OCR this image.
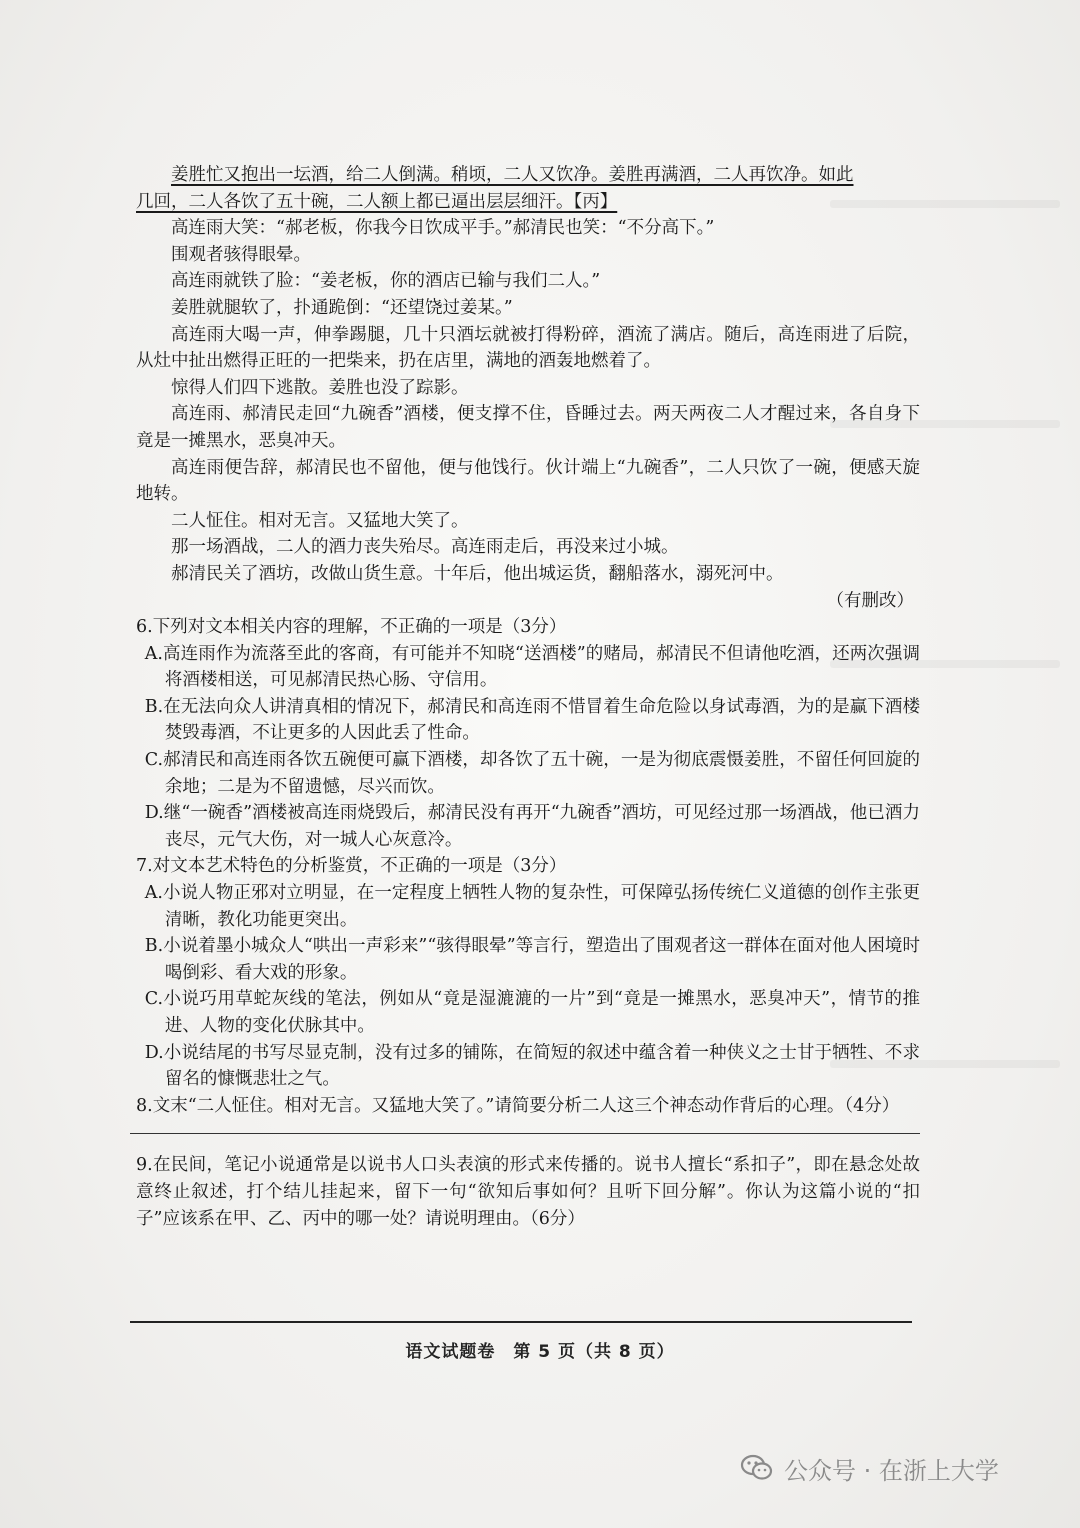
姜胜忙又抱出一坛酒，给二人倒满。稍顷，二人又饮净。姜胜再满酒，二人再饮净。如此

几回，二人各饮了五十碗，二人额上都已逼出层层细汗。【丙】

高连雨大笑：“郝老板，你我今日饮成平手。”郝清民也笑：“不分高下。”

围观者骇得眼晕。

高连雨就铁了脸：“姜老板，你的酒店已输与我们二人。”

姜胜就腿软了，扑通跪倒：“还望饶过姜某。”

高连雨大喝一声，伸拳踢腿，几十只酒坛就被打得粉碎，酒流了满店。随后，高连雨进了后院，从灶中扯出燃得正旺的一把柴来，扔在店里，满地的酒轰地燃着了。

惊得人们四下逃散。姜胜也没了踪影。

高连雨、郝清民走回“九碗香”酒楼，便支撑不住，昏睡过去。两天两夜二人才醒过来，各自身下竟是一摊黑水，恶臭冲天。

高连雨便告辞，郝清民也不留他，便与他饯行。伙计端上“九碗香”，二人只饮了一碗，便感天旋地转。

二人怔住。相对无言。又猛地大笑了。

那一场酒战，二人的酒力丧失殆尽。高连雨走后，再没来过小城。

郝清民关了酒坊，改做山货生意。十年后，他出城运货，翻船落水，溺死河中。

（有删改）

6.下列对文本相关内容的理解，不正确的一项是（3分）

A.高连雨作为流落至此的客商，有可能并不知晓“送酒楼”的赌局，郝清民不但请他吃酒，还两次强调将酒楼相送，可见郝清民热心肠、守信用。

B.在无法向众人讲清真相的情况下，郝清民和高连雨不惜冒着生命危险以身试毒酒，为的是赢下酒楼焚毁毒酒，不让更多的人因此丢了性命。

C.郝清民和高连雨各饮五碗便可赢下酒楼，却各饮了五十碗，一是为彻底震慑姜胜，不留任何回旋的余地；二是为不留遗憾，尽兴而饮。

D.继“一碗香”酒楼被高连雨烧毁后，郝清民没有再开“九碗香”酒坊，可见经过那一场酒战，他已酒力丧尽，元气大伤，对一城人心灰意冷。

7.对文本艺术特色的分析鉴赏，不正确的一项是（3分）

A.小说人物正邪对立明显，在一定程度上牺牲人物的复杂性，可保障弘扬传统仁义道德的创作主张更清晰，教化功能更突出。

B.小说着墨小城众人“哄出一声彩来”“骇得眼晕”等言行，塑造出了围观者这一群体在面对他人困境时喝倒彩、看大戏的形象。

C.小说巧用草蛇灰线的笔法，例如从“竟是湿漉漉的一片”到“竟是一摊黑水，恶臭冲天”，情节的推进、人物的变化伏脉其中。

D.小说结尾的书写尽显克制，没有过多的铺陈，在简短的叙述中蕴含着一种侠义之士甘于牺牲、不求留名的慷慨悲壮之气。

8.文末“二人怔住。相对无言。又猛地大笑了。”请简要分析二人这三个神态动作背后的心理。（4分）

9.在民间，笔记小说通常是以说书人口头表演的形式来传播的。说书人擅长“系扣子”，即在悬念处故意终止叙述，打个结儿挂起来，留下一句“欲知后事如何？且听下回分解”。你认为这篇小说的“扣子”应该系在甲、乙、丙中的哪一处？请说明理由。（6分）

语文试题卷　第 5 页（共 8 页）
公众号 · 在浙上大学
